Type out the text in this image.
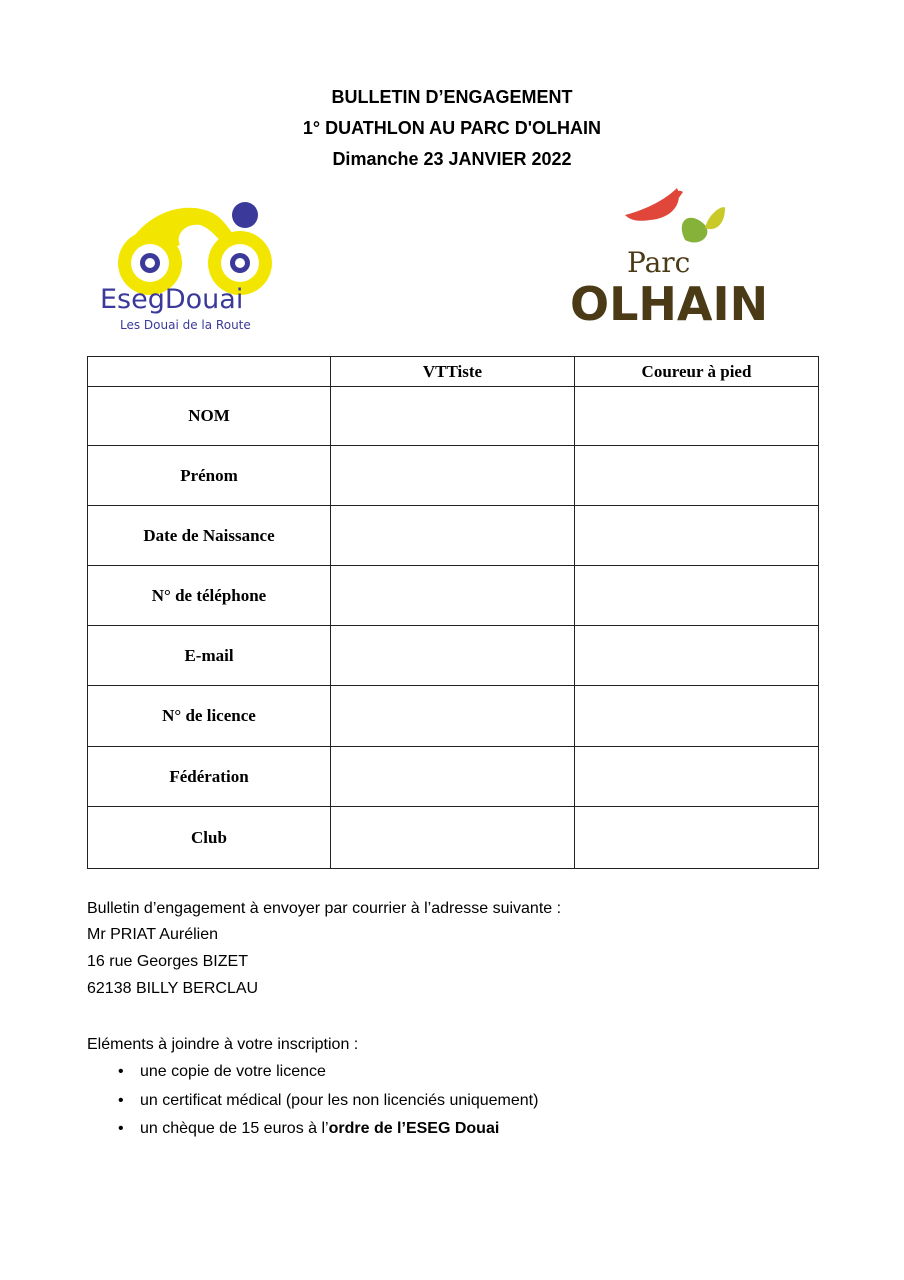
BULLETIN D’ENGAGEMENT
1° DUATHLON AU PARC D'OLHAIN
Dimanche 23 JANVIER 2022
EsegDouai
Les Douai de la Route
Parc
OLHAIN
	VTTiste	Coureur à pied
NOM		
Prénom		
Date de Naissance		
N° de téléphone		
E-mail		
N° de licence		
Fédération		
Club		
Bulletin d’engagement à envoyer par courrier à l’adresse suivante :
Mr PRIAT Aurélien
16 rue Georges BIZET
62138 BILLY BERCLAU
Eléments à joindre à votre inscription :
• une copie de votre licence
• un certificat médical (pour les non licenciés uniquement)
• un chèque de 15 euros à l’ordre de l’ESEG Douai
